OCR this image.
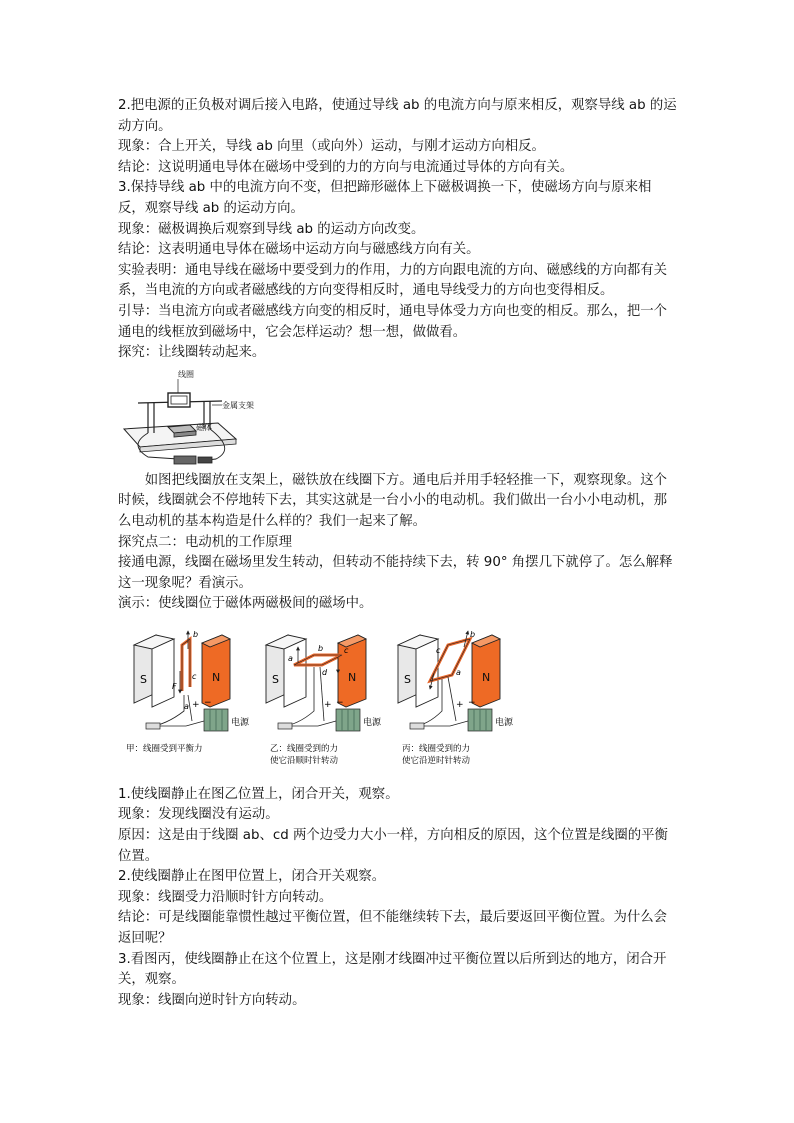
2.把电源的正负极对调后接入电路，使通过导线 ab 的电流方向与原来相反，观察导线 ab 的运动方向。

现象：合上开关，导线 ab 向里（或向外）运动，与刚才运动方向相反。

结论：这说明通电导体在磁场中受到的力的方向与电流通过导体的方向有关。

3.保持导线 ab 中的电流方向不变，但把蹄形磁体上下磁极调换一下，使磁场方向与原来相反，观察导线 ab 的运动方向。

现象：磁极调换后观察到导线 ab 的运动方向改变。

结论：这表明通电导体在磁场中运动方向与磁感线方向有关。

实验表明：通电导线在磁场中要受到力的作用，力的方向跟电流的方向、磁感线的方向都有关系，当电流的方向或者磁感线的方向变得相反时，通电导线受力的方向也变得相反。

引导：当电流方向或者磁感线方向变的相反时，通电导体受力方向也变的相反。那么，把一个通电的线框放到磁场中，它会怎样运动？想一想，做做看。

探究：让线圈转动起来。

线圈
金属支架
磁体

如图把线圈放在支架上，磁铁放在线圈下方。通电后并用手轻轻推一下，观察现象。这个时候，线圈就会不停地转下去，其实这就是一台小小的电动机。我们做出一台小小电动机，那么电动机的基本构造是什么样的？我们一起来了解。

探究点二：电动机的工作原理

接通电源，线圈在磁场里发生转动，但转动不能持续下去，转 90° 角摆几下就停了。怎么解释这一现象呢？看演示。

演示：使线圈位于磁体两磁极间的磁场中。

S	N
b
F
c
a + −
电源
甲：线圈受到平衡力
S	N
a
b	c
d
+ −
电源
乙：线圈受到的力
使它沿顺时针转动
S	N
c
b
a
+ −
电源
丙：线圈受到的力
使它沿逆时针转动

1.使线圈静止在图乙位置上，闭合开关，观察。

现象：发现线圈没有运动。

原因：这是由于线圈 ab、cd 两个边受力大小一样，方向相反的原因，这个位置是线圈的平衡位置。

2.使线圈静止在图甲位置上，闭合开关观察。

现象：线圈受力沿顺时针方向转动。

结论：可是线圈能靠惯性越过平衡位置，但不能继续转下去，最后要返回平衡位置。为什么会返回呢？

3.看图丙，使线圈静止在这个位置上，这是刚才线圈冲过平衡位置以后所到达的地方，闭合开关，观察。

现象：线圈向逆时针方向转动。
